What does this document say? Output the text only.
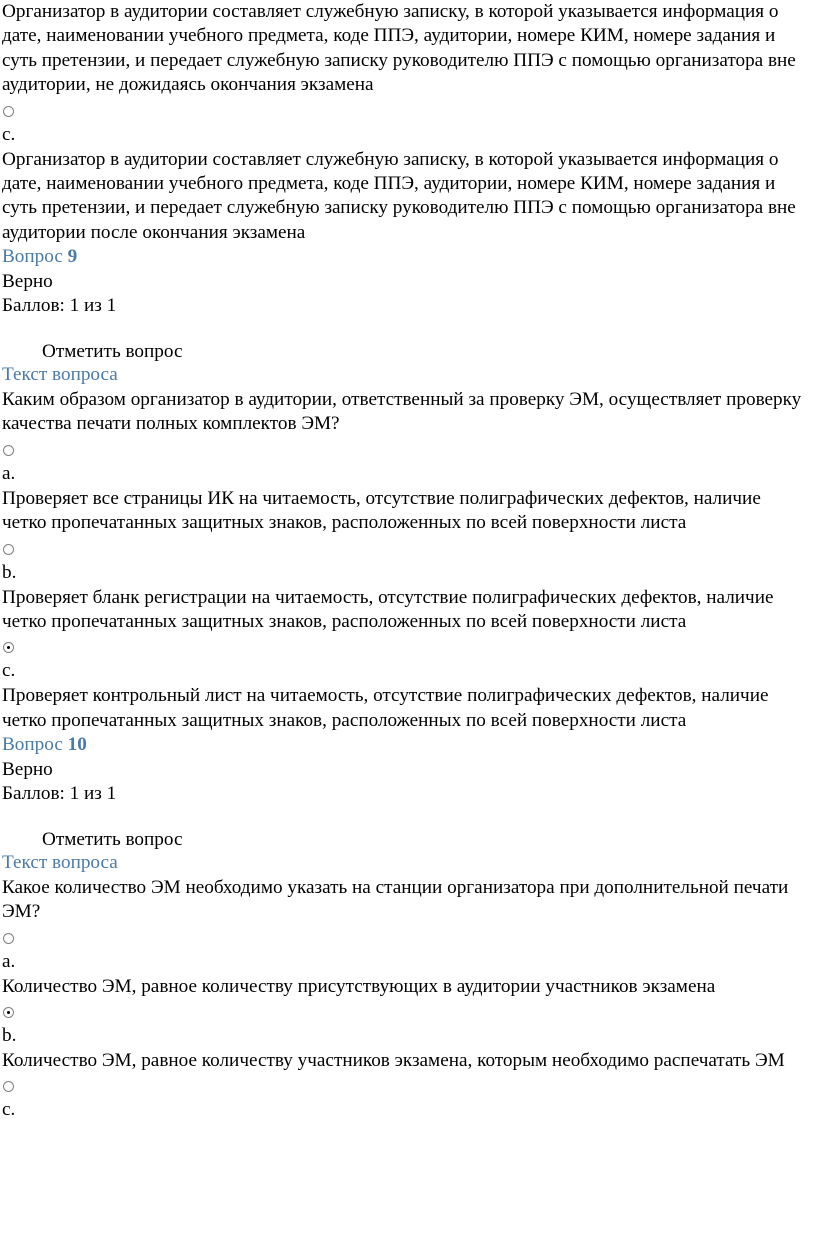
Организатор в аудитории составляет служебную записку, в которой указывается информация о дате, наименовании учебного предмета, коде ППЭ, аудитории, номере КИМ, номере задания и суть претензии, и передает служебную записку руководителю ППЭ с помощью организатора вне аудитории, не дожидаясь окончания экзамена
c.
Организатор в аудитории составляет служебную записку, в которой указывается информация о дате, наименовании учебного предмета, коде ППЭ, аудитории, номере КИМ, номере задания и суть претензии, и передает служебную записку руководителю ППЭ с помощью организатора вне аудитории после окончания экзамена
Вопрос 9
Верно
Баллов: 1 из 1
Отметить вопрос
Текст вопроса
Каким образом организатор в аудитории, ответственный за проверку ЭМ, осуществляет проверку качества печати полных комплектов ЭМ?
a.
Проверяет все страницы ИК на читаемость, отсутствие полиграфических дефектов, наличие четко пропечатанных защитных знаков, расположенных по всей поверхности листа
b.
Проверяет бланк регистрации на читаемость, отсутствие полиграфических дефектов, наличие четко пропечатанных защитных знаков, расположенных по всей поверхности листа
c.
Проверяет контрольный лист на читаемость, отсутствие полиграфических дефектов, наличие четко пропечатанных защитных знаков, расположенных по всей поверхности листа
Вопрос 10
Верно
Баллов: 1 из 1
Отметить вопрос
Текст вопроса
Какое количество ЭМ необходимо указать на станции организатора при дополнительной печати ЭМ?
a.
Количество ЭМ, равное количеству присутствующих в аудитории участников экзамена
b.
Количество ЭМ, равное количеству участников экзамена, которым необходимо распечатать ЭМ
c.
